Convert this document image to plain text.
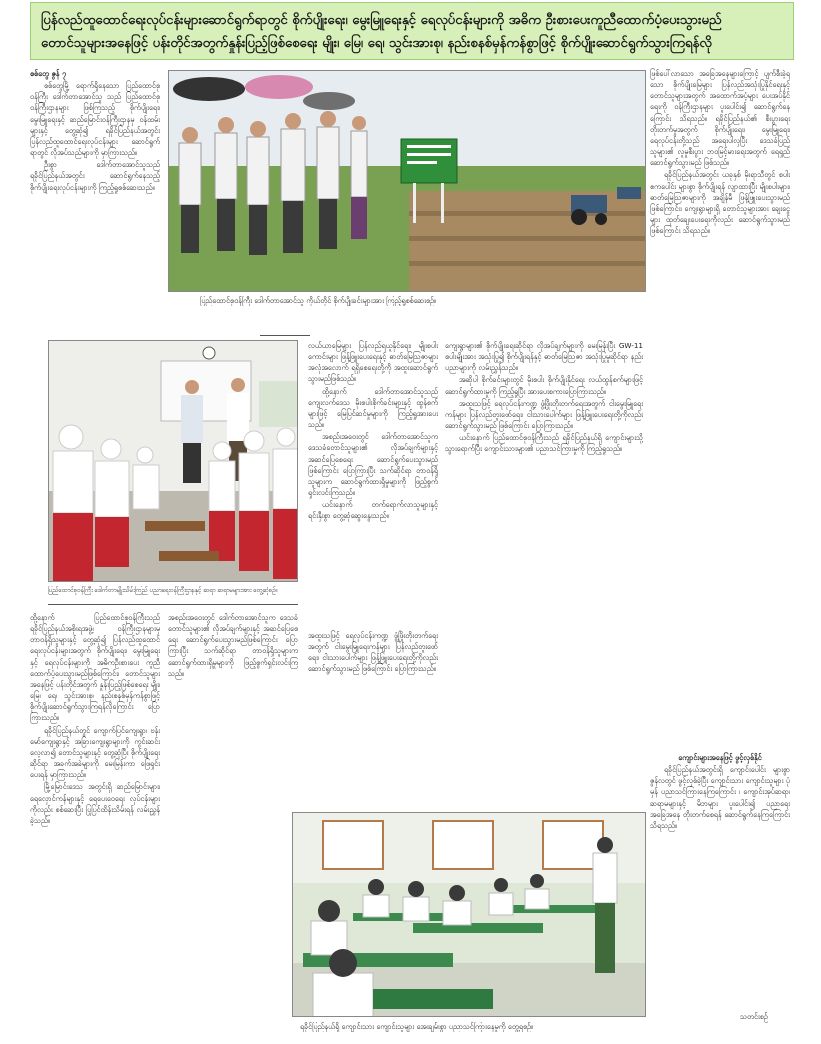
ပြန်လည်ထူထောင်ရေးလုပ်ငန်းများဆောင်ရွက်ရာတွင် စိုက်ပျိုးရေး၊ မွေးမြူရေးနှင့် ရေလုပ်ငန်းများကို အဓိက ဦးစားပေးကူညီထောက်ပံ့ပေးသွားမည်
တောင်သူများအနေဖြင့် ပန်းတိုင်အတွက်နှုန်းပြည့်ဖြစ်စေရေး မျိုး၊ မြေ၊ ရေ၊ သွင်းအားစု၊ နည်းစနစ်မှန်ကန်စွာဖြင့် စိုက်ပျိုးဆောင်ရွက်သွားကြရန်လို

စစ်တွေ ဇွန် ၇

စစ်တွေမြို့ ရောက်ရှိနေသော ပြည်ထောင်စုဝန်ကြီး ဒေါက်တာအောင်သူ သည် ပြည်ထောင်စုဝန်ကြီးဌာနများ ဖြစ်ကြသည့် စိုက်ပျိုးရေး၊ မွေးမြူရေးနှင့် ဆည်မြောင်းဝန်ကြီးဌာနမှ ဝန်ထမ်းများနှင့် တွေ့ဆုံ၍ ရခိုင်ပြည်နယ်အတွင်း ပြန်လည်ထူထောင်ရေးလုပ်ငန်းများ ဆောင်ရွက်ရာတွင် လိုအပ်သည်များကို မှာကြားသည်။

ဦးစွာ ဒေါက်တာအောင်သူသည် ရခိုင်ပြည်နယ်အတွင်း ဆောင်ရွက်နေသည့် စိုက်ပျိုးရေးလုပ်ငန်းများကို ကြည့်ရှုစစ်ဆေးသည်။

ပြည်ထောင်စုဝန်ကြီး ဒေါက်တာအောင်သူ ကိုယ်တိုင် စိုက်ပျိုးခင်းများအား ကြည့်ရှုစစ်ဆေးစဉ်။

ဖြစ်ပေါ်လာသော အခြေအနေများကြောင့် ပျက်စီးခဲ့ရသော စိုက်ပျိုးမြေများ ပြန်လည်အသုံးပြုနိုင်ရေးနှင့် တောင်သူများအတွက် အထောက်အပံ့များ ပေးအပ်နိုင်ရေးကို ဝန်ကြီးဌာနများ ပူးပေါင်း၍ ဆောင်ရွက်နေကြောင်း သိရသည်။ ရခိုင်ပြည်နယ်၏ စီးပွားရေး တိုးတက်မှုအတွက် စိုက်ပျိုးရေး၊ မွေးမြူရေး၊ ရေလုပ်ငန်းတို့သည် အရေးပါလှပြီး ဒေသခံပြည်သူများ၏ လူမှုစီးပွား ဘဝမြင့်မားရေးအတွက် ရေရှည် ဆောင်ရွက်သွားမည် ဖြစ်သည်။

ရခိုင်ပြည်နယ်အတွင်း ယခုနှစ် မိုးရာသီတွင် စပါးဧကပေါင်း များစွာ စိုက်ပျိုးရန် လျာထားပြီး မျိုးစပါးများ၊ ဓာတ်မြေဩဇာများကို အချိန်မီ ဖြန့်ဖြူးပေးသွားမည်ဖြစ်ကြောင်း၊ ကျေးရွာများရှိ တောင်သူများအား ချေးငွေများ ထုတ်ချေးပေးရေးကိုလည်း ဆောင်ရွက်သွားမည်ဖြစ်ကြောင်း သိရသည်။

ပြည်ထောင်စုဝန်ကြီး ဒေါက်တာမျိုးသိမ်းကြည် ပညာရေးဝန်ကြီးဌာနနှင့် ဆရာ ဆရာမများအား တွေ့ဆုံစဉ်။

လယ်ယာမြေများ ပြန်လည်ရယူနိုင်ရေး၊ မျိုးစပါးကောင်းများ ဖြန့်ဖြူးပေးရေးနှင့် ဓာတ်မြေဩဇာများ အလုံအလောက် ရရှိစေရေးတို့ကို အထူးဆောင်ရွက်သွားမည်ဖြစ်သည်။

ထို့နောက် ဒေါက်တာအောင်သူသည် ကျေးလက်ဒေသ မိုးစပါးစိုက်ခင်းများနှင့် ထွန်စက်များဖြင့် မြေပြင်ဆင်မှုများကို ကြည့်ရှုအားပေးသည်။

အစည်းအဝေးတွင် ဒေါက်တာအောင်သူက ဒေသခံတောင်သူများ၏ လိုအပ်ချက်များနှင့် အဆင်ပြေစေရေး ဆောင်ရွက်ပေးသွားမည်ဖြစ်ကြောင်း ပြောကြားပြီး သက်ဆိုင်ရာ တာဝန်ရှိသူများက ဆောင်ရွက်ထားရှိမှုများကို ဖြည့်စွက်ရှင်းလင်းကြသည်။

ယင်းနောက် တက်ရောက်လာသူများနှင့် ရင်းနှီးစွာ တွေ့ဆုံဆွေးနွေးသည်။

ကျေးရွာများ၏ စိုက်ပျိုးရေးဆိုင်ရာ လိုအပ်ချက်များကို မေးမြန်းပြီး GW-11 စပါးမျိုးအား အသုံးပြု၍ စိုက်ပျိုးရန်နှင့် ဓာတ်မြေဩဇာ အသုံးပြုမှုဆိုင်ရာ နည်းပညာများကို လမ်းညွှန်သည်။

အဆိုပါ စိုက်ခင်းများတွင် မိုးစပါး စိုက်ပျိုးနိုင်ရေး လယ်ထွန်စက်များဖြင့် ဆောင်ရွက်ထားမှုကို ကြည့်ရှုပြီး အားပေးစကားပြောကြားသည်။

အထူးသဖြင့် ရေလုပ်ငန်းကဏ္ဍ ဖွံ့ဖြိုးတိုးတက်ရေးအတွက် ငါးမွေးမြူရေးကန်များ ပြန်လည်တူးဖော်ရေး၊ ငါးသားပေါက်များ ဖြန့်ဖြူးပေးရေးတို့ကိုလည်း ဆောင်ရွက်သွားမည် ဖြစ်ကြောင်း ပြောကြားသည်။

ယင်းနောက် ပြည်ထောင်စုဝန်ကြီးသည် ရခိုင်ပြည်နယ်ရှိ ကျောင်းများသို့ သွားရောက်ပြီး ကျောင်းသားများ၏ ပညာသင်ကြားမှုကို ကြည့်ရှုသည်။

ထို့နောက် ပြည်ထောင်စုဝန်ကြီးသည် ရခိုင်ပြည်နယ်အစိုးရအဖွဲ့၊ ဝန်ကြီးဌာနများမှ တာဝန်ရှိသူများနှင့် တွေ့ဆုံ၍ ပြန်လည်ထူထောင်ရေးလုပ်ငန်းများအတွက် စိုက်ပျိုးရေး၊ မွေးမြူရေးနှင့် ရေလုပ်ငန်းများကို အဓိကဦးစားပေး ကူညီထောက်ပံ့ပေးသွားမည်ဖြစ်ကြောင်း၊ တောင်သူများအနေဖြင့် ပန်းတိုင်အတွက် နှုန်းပြည့်ဖြစ်စေရေး မျိုး၊ မြေ၊ ရေ၊ သွင်းအားစု၊ နည်းစနစ်မှန်ကန်စွာဖြင့် စိုက်ပျိုးဆောင်ရွက်သွားကြရန်လိုကြောင်း ပြောကြားသည်။

ရခိုင်ပြည်နယ်တွင် ကျောက်ပြင်ကျေးရွာ၊ ဗန်းမော်ကျေးရွာနှင့် အခြားကျေးရွာများကို ကွင်းဆင်းလေ့လာ၍ တောင်သူများနှင့် တွေ့ဆုံပြီး စိုက်ပျိုးရေးဆိုင်ရာ အခက်အခဲများကို မေးမြန်းကာ ဖြေရှင်းပေးရန် မှာကြားသည်။

မြို့မြောင်းဒေသ အတွင်းရှိ ဆည်မြောင်းများ၊ ရေလှောင်ကန်များနှင့် ရေပေးဝေရေး လုပ်ငန်းများကိုလည်း စစ်ဆေးပြီး ပြုပြင်ထိန်းသိမ်းရန် လမ်းညွှန်ခဲ့သည်။

အစည်းအဝေးတွင် ဒေါက်တာအောင်သူက ဒေသခံတောင်သူများ၏ လိုအပ်ချက်များနှင့် အဆင်ပြေစေရေး ဆောင်ရွက်ပေးသွားမည်ဖြစ်ကြောင်း ပြောကြားပြီး သက်ဆိုင်ရာ တာဝန်ရှိသူများက ဆောင်ရွက်ထားရှိမှုများကို ဖြည့်စွက်ရှင်းလင်းကြသည်။

အထူးသဖြင့် ရေလုပ်ငန်းကဏ္ဍ ဖွံ့ဖြိုးတိုးတက်ရေးအတွက် ငါးမွေးမြူရေးကန်များ ပြန်လည်တူးဖော်ရေး၊ ငါးသားပေါက်များ ဖြန့်ဖြူးပေးရေးတို့ကိုလည်း ဆောင်ရွက်သွားမည် ဖြစ်ကြောင်း ပြောကြားသည်။

ရခိုင်ပြည်နယ်ရှိ ကျောင်းသား ကျောင်းသူများ အေးချမ်းစွာ ပညာသင်ကြားနေမှုကို တွေ့ရစဉ်။

ကျောင်းများအနေဖြင့် ဖွင့်လှစ်နိုင်

ရခိုင်ပြည်နယ်အတွင်းရှိ ကျောင်းပေါင်း များစွာ ဇွန်လတွင် ဖွင့်လှစ်ခဲ့ပြီး ကျောင်းသား ကျောင်းသူများ ပုံမှန် ပညာသင်ကြားနေကြကြောင်း ၊ ကျောင်းအုပ်ဆရာ၊ ဆရာမများနှင့် မိဘများ ပူးပေါင်း၍ ပညာရေး အခြေအနေ တိုးတက်စေရန် ဆောင်ရွက်နေကြကြောင်း သိရသည်။

သတင်းစဉ်
